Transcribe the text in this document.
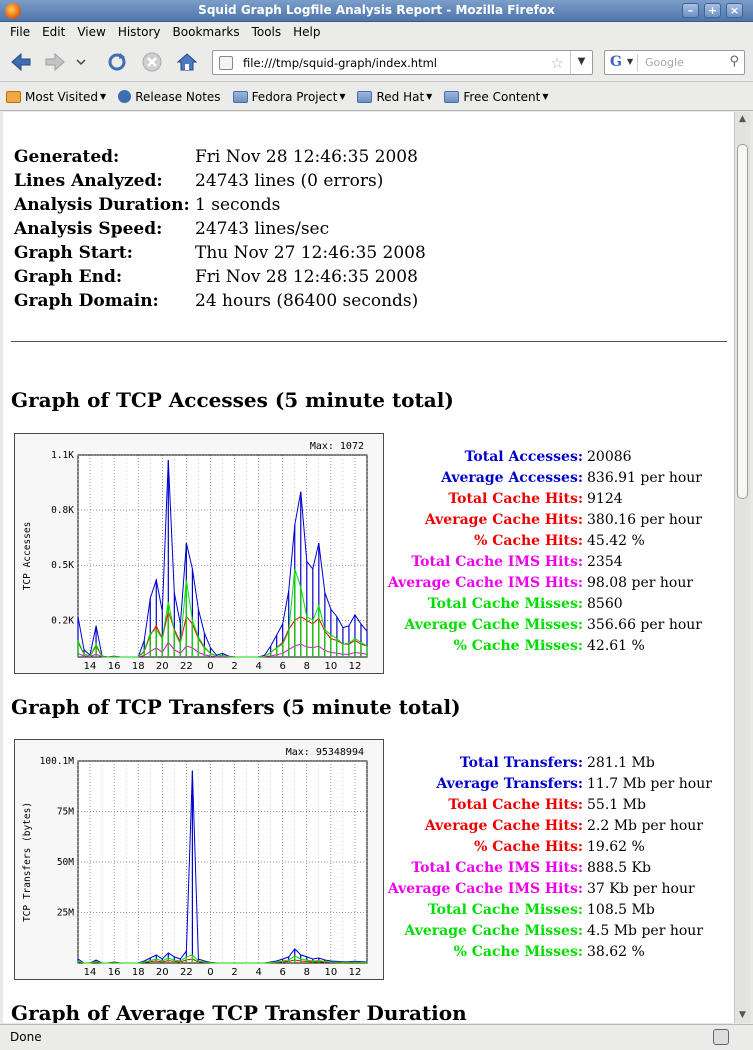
Squid Graph Logfile Analysis Report - Mozilla Firefox	–	+	×
File	Edit	View	History	Bookmarks	Tools	Help
file:///tmp/squid-graph/index.html	☆	▼	G ▼ Google	⚲
Most Visited ▼ Release Notes	Fedora Project ▼	Red Hat ▼	Free Content ▼
Generated:	Fri Nov 28 12:46:35 2008
Lines Analyzed: 24743 lines (0 errors)
Analysis Duration: 1 seconds
Analysis Speed: 24743 lines/sec
Graph Start:	Thu Nov 27 12:46:35 2008
Graph End:	Fri Nov 28 12:46:35 2008
Graph Domain: 24 hours (86400 seconds)
Graph of TCP Accesses (5 minute total)
14 16 18 20 22 0 2 4 6 8 10 12
1.1K
0.8K
0.5K
0.2K
Max: 1072
TCP Accesses
Total Accesses: 20086
Average Accesses: 836.91 per hour
Total Cache Hits: 9124
Average Cache Hits: 380.16 per hour
% Cache Hits: 45.42 %
Total Cache IMS Hits: 2354
Average Cache IMS Hits: 98.08 per hour
Total Cache Misses: 8560
Average Cache Misses: 356.66 per hour
% Cache Misses: 42.61 %
Graph of TCP Transfers (5 minute total)
14 16 18 20 22 0 2 4 6 8 10 12
100.1M
75M
50M
25M
Max: 95348994
TCP Transfers (bytes)
Total Transfers: 281.1 Mb
Average Transfers: 11.7 Mb per hour
Total Cache Hits: 55.1 Mb
Average Cache Hits: 2.2 Mb per hour
% Cache Hits: 19.62 %
Total Cache IMS Hits: 888.5 Kb
Average Cache IMS Hits: 37 Kb per hour
Total Cache Misses: 108.5 Mb
Average Cache Misses: 4.5 Mb per hour
% Cache Misses: 38.62 %
Graph of Average TCP Transfer Duration
▲
▼
Done
